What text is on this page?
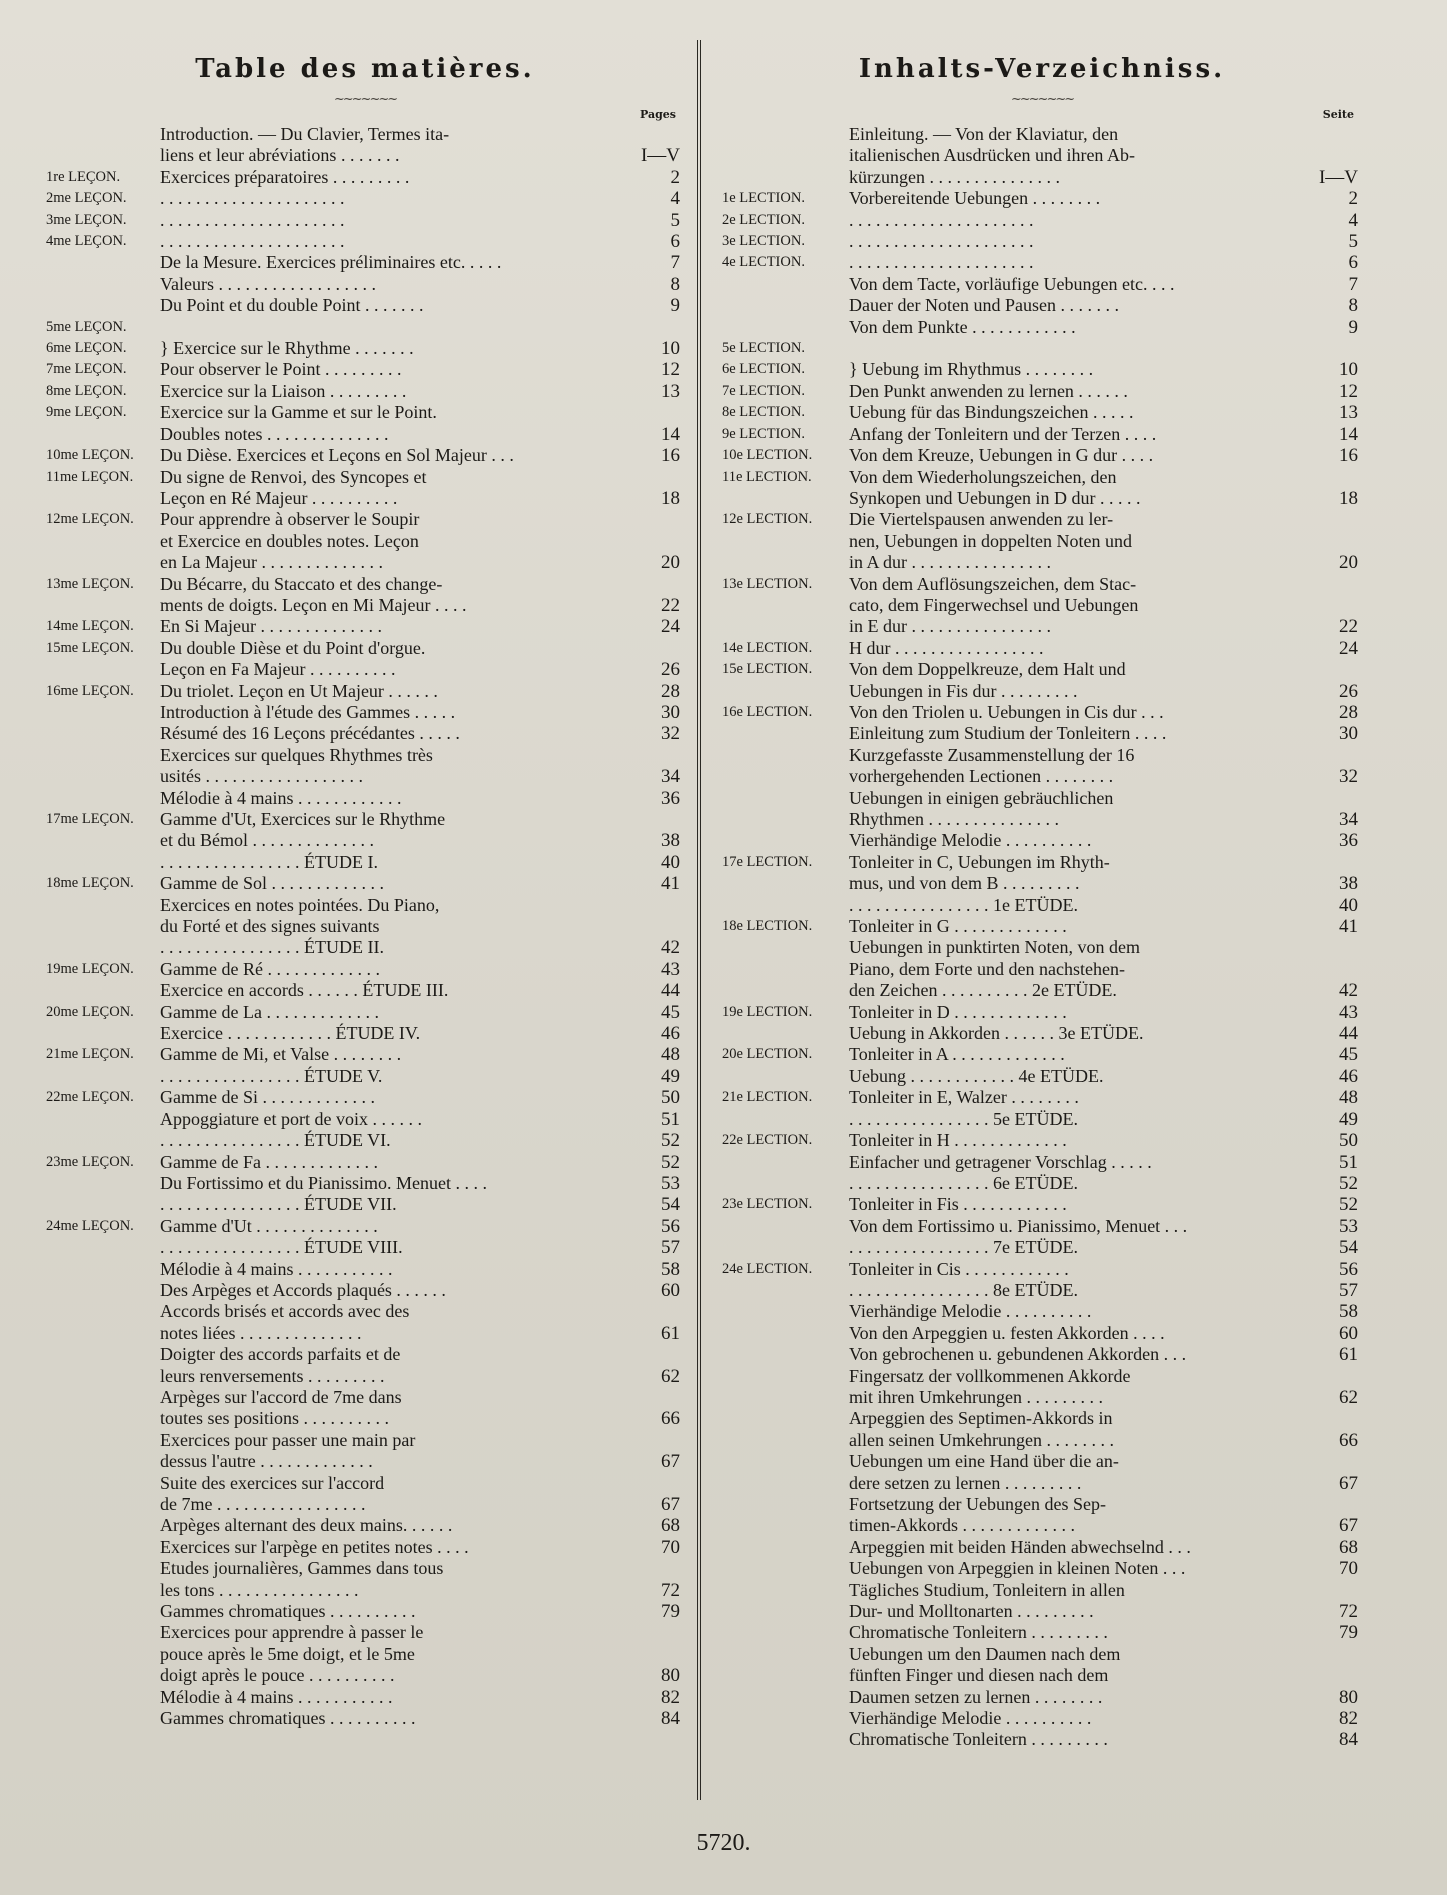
Table des matières.
~~~~~~~
Pages
Introduction. — Du Clavier, Termes ita-
liens et leur abréviations . . . . . . .	I—V
1re LEÇON.	Exercices préparatoires . . . . . . . . .	2
2me LEÇON.	. . . . . . . . . . . . . . . . . . . . .	4
3me LEÇON.	. . . . . . . . . . . . . . . . . . . . .	5
4me LEÇON.	. . . . . . . . . . . . . . . . . . . . .	6
De la Mesure. Exercices préliminaires etc. . . . .	7
Valeurs . . . . . . . . . . . . . . . . . .	8
Du Point et du double Point . . . . . . .	9
5me LEÇON.
6me LEÇON.	} Exercice sur le Rhythme . . . . . . .	10
7me LEÇON.	Pour observer le Point . . . . . . . . .	12
8me LEÇON.	Exercice sur la Liaison . . . . . . . . .	13
9me LEÇON.	Exercice sur la Gamme et sur le Point.
Doubles notes . . . . . . . . . . . . . .	14
10me LEÇON.	Du Dièse. Exercices et Leçons en Sol Majeur . . .	16
11me LEÇON.	Du signe de Renvoi, des Syncopes et
Leçon en Ré Majeur . . . . . . . . . .	18
12me LEÇON.	Pour apprendre à observer le Soupir
et Exercice en doubles notes. Leçon
en La Majeur . . . . . . . . . . . . . .	20
13me LEÇON.	Du Bécarre, du Staccato et des change-
ments de doigts. Leçon en Mi Majeur . . . .	22
14me LEÇON.	En Si Majeur . . . . . . . . . . . . . .	24
15me LEÇON.	Du double Dièse et du Point d'orgue.
Leçon en Fa Majeur . . . . . . . . . .	26
16me LEÇON.	Du triolet. Leçon en Ut Majeur . . . . . .	28
Introduction à l'étude des Gammes . . . . .	30
Résumé des 16 Leçons précédantes . . . . .	32
Exercices sur quelques Rhythmes très
usités . . . . . . . . . . . . . . . . . .	34
Mélodie à 4 mains . . . . . . . . . . . .	36
17me LEÇON.	Gamme d'Ut, Exercices sur le Rhythme
et du Bémol . . . . . . . . . . . . . .	38
. . . . . . . . . . . . . . . . ÉTUDE I.	40
18me LEÇON.	Gamme de Sol . . . . . . . . . . . . .	41
Exercices en notes pointées. Du Piano,
du Forté et des signes suivants
. . . . . . . . . . . . . . . . ÉTUDE II.	42
19me LEÇON.	Gamme de Ré . . . . . . . . . . . . .	43
Exercice en accords . . . . . . ÉTUDE III.	44
20me LEÇON.	Gamme de La . . . . . . . . . . . . .	45
Exercice . . . . . . . . . . . . ÉTUDE IV.	46
21me LEÇON.	Gamme de Mi, et Valse . . . . . . . .	48
. . . . . . . . . . . . . . . . ÉTUDE V.	49
22me LEÇON.	Gamme de Si . . . . . . . . . . . . .	50
Appoggiature et port de voix . . . . . .	51
. . . . . . . . . . . . . . . . ÉTUDE VI.	52
23me LEÇON.	Gamme de Fa . . . . . . . . . . . . .	52
Du Fortissimo et du Pianissimo. Menuet . . . .	53
. . . . . . . . . . . . . . . . ÉTUDE VII.	54
24me LEÇON.	Gamme d'Ut . . . . . . . . . . . . . .	56
. . . . . . . . . . . . . . . . ÉTUDE VIII.	57
Mélodie à 4 mains . . . . . . . . . . .	58
Des Arpèges et Accords plaqués . . . . . .	60
Accords brisés et accords avec des
notes liées . . . . . . . . . . . . . .	61
Doigter des accords parfaits et de
leurs renversements . . . . . . . . .	62
Arpèges sur l'accord de 7me dans
toutes ses positions . . . . . . . . . .	66
Exercices pour passer une main par
dessus l'autre . . . . . . . . . . . . .	67
Suite des exercices sur l'accord
de 7me . . . . . . . . . . . . . . . . .	67
Arpèges alternant des deux mains. . . . . .	68
Exercices sur l'arpège en petites notes . . . .	70
Etudes journalières, Gammes dans tous
les tons . . . . . . . . . . . . . . . .	72
Gammes chromatiques . . . . . . . . . .	79
Exercices pour apprendre à passer le
pouce après le 5me doigt, et le 5me
doigt après le pouce . . . . . . . . . .	80
Mélodie à 4 mains . . . . . . . . . . .	82
Gammes chromatiques . . . . . . . . . .	84
Inhalts-Verzeichniss.
~~~~~~~
Seite
Einleitung. — Von der Klaviatur, den
italienischen Ausdrücken und ihren Ab-
kürzungen . . . . . . . . . . . . . . .	I—V
1e LECTION.	Vorbereitende Uebungen . . . . . . . .	2
2e LECTION.	. . . . . . . . . . . . . . . . . . . . .	4
3e LECTION.	. . . . . . . . . . . . . . . . . . . . .	5
4e LECTION.	. . . . . . . . . . . . . . . . . . . . .	6
Von dem Tacte, vorläufige Uebungen etc. . . .	7
Dauer der Noten und Pausen . . . . . . .	8
Von dem Punkte . . . . . . . . . . . .	9
5e LECTION.
6e LECTION.	} Uebung im Rhythmus . . . . . . . .	10
7e LECTION.	Den Punkt anwenden zu lernen . . . . . .	12
8e LECTION.	Uebung für das Bindungszeichen . . . . .	13
9e LECTION.	Anfang der Tonleitern und der Terzen . . . .	14
10e LECTION.	Von dem Kreuze, Uebungen in G dur . . . .	16
11e LECTION.	Von dem Wiederholungszeichen, den
Synkopen und Uebungen in D dur . . . . .	18
12e LECTION.	Die Viertelspausen anwenden zu ler-
nen, Uebungen in doppelten Noten und
in A dur . . . . . . . . . . . . . . . .	20
13e LECTION.	Von dem Auflösungszeichen, dem Stac-
cato, dem Fingerwechsel und Uebungen
in E dur . . . . . . . . . . . . . . . .	22
14e LECTION.	H dur . . . . . . . . . . . . . . . . .	24
15e LECTION.	Von dem Doppelkreuze, dem Halt und
Uebungen in Fis dur . . . . . . . . .	26
16e LECTION.	Von den Triolen u. Uebungen in Cis dur . . .	28
Einleitung zum Studium der Tonleitern . . . .	30
Kurzgefasste Zusammenstellung der 16
vorhergehenden Lectionen . . . . . . . .	32
Uebungen in einigen gebräuchlichen
Rhythmen . . . . . . . . . . . . . . .	34
Vierhändige Melodie . . . . . . . . . .	36
17e LECTION.	Tonleiter in C, Uebungen im Rhyth-
mus, und von dem B . . . . . . . . .	38
. . . . . . . . . . . . . . . . 1e ETÜDE.	40
18e LECTION.	Tonleiter in G . . . . . . . . . . . . .	41
Uebungen in punktirten Noten, von dem
Piano, dem Forte und den nachstehen-
den Zeichen . . . . . . . . . . 2e ETÜDE.	42
19e LECTION.	Tonleiter in D . . . . . . . . . . . . .	43
Uebung in Akkorden . . . . . . 3e ETÜDE.	44
20e LECTION.	Tonleiter in A . . . . . . . . . . . . .	45
Uebung . . . . . . . . . . . . 4e ETÜDE.	46
21e LECTION.	Tonleiter in E, Walzer . . . . . . . .	48
. . . . . . . . . . . . . . . . 5e ETÜDE.	49
22e LECTION.	Tonleiter in H . . . . . . . . . . . . .	50
Einfacher und getragener Vorschlag . . . . .	51
. . . . . . . . . . . . . . . . 6e ETÜDE.	52
23e LECTION.	Tonleiter in Fis . . . . . . . . . . . .	52
Von dem Fortissimo u. Pianissimo, Menuet . . .	53
. . . . . . . . . . . . . . . . 7e ETÜDE.	54
24e LECTION.	Tonleiter in Cis . . . . . . . . . . . .	56
. . . . . . . . . . . . . . . . 8e ETÜDE.	57
Vierhändige Melodie . . . . . . . . . .	58
Von den Arpeggien u. festen Akkorden . . . .	60
Von gebrochenen u. gebundenen Akkorden . . .	61
Fingersatz der vollkommenen Akkorde
mit ihren Umkehrungen . . . . . . . . .	62
Arpeggien des Septimen-Akkords in
allen seinen Umkehrungen . . . . . . . .	66
Uebungen um eine Hand über die an-
dere setzen zu lernen . . . . . . . . .	67
Fortsetzung der Uebungen des Sep-
timen-Akkords . . . . . . . . . . . . .	67
Arpeggien mit beiden Händen abwechselnd . . .	68
Uebungen von Arpeggien in kleinen Noten . . .	70
Tägliches Studium, Tonleitern in allen
Dur- und Molltonarten . . . . . . . . .	72
Chromatische Tonleitern . . . . . . . . .	79
Uebungen um den Daumen nach dem
fünften Finger und diesen nach dem
Daumen setzen zu lernen . . . . . . . .	80
Vierhändige Melodie . . . . . . . . . .	82
Chromatische Tonleitern . . . . . . . . .	84
5720.
